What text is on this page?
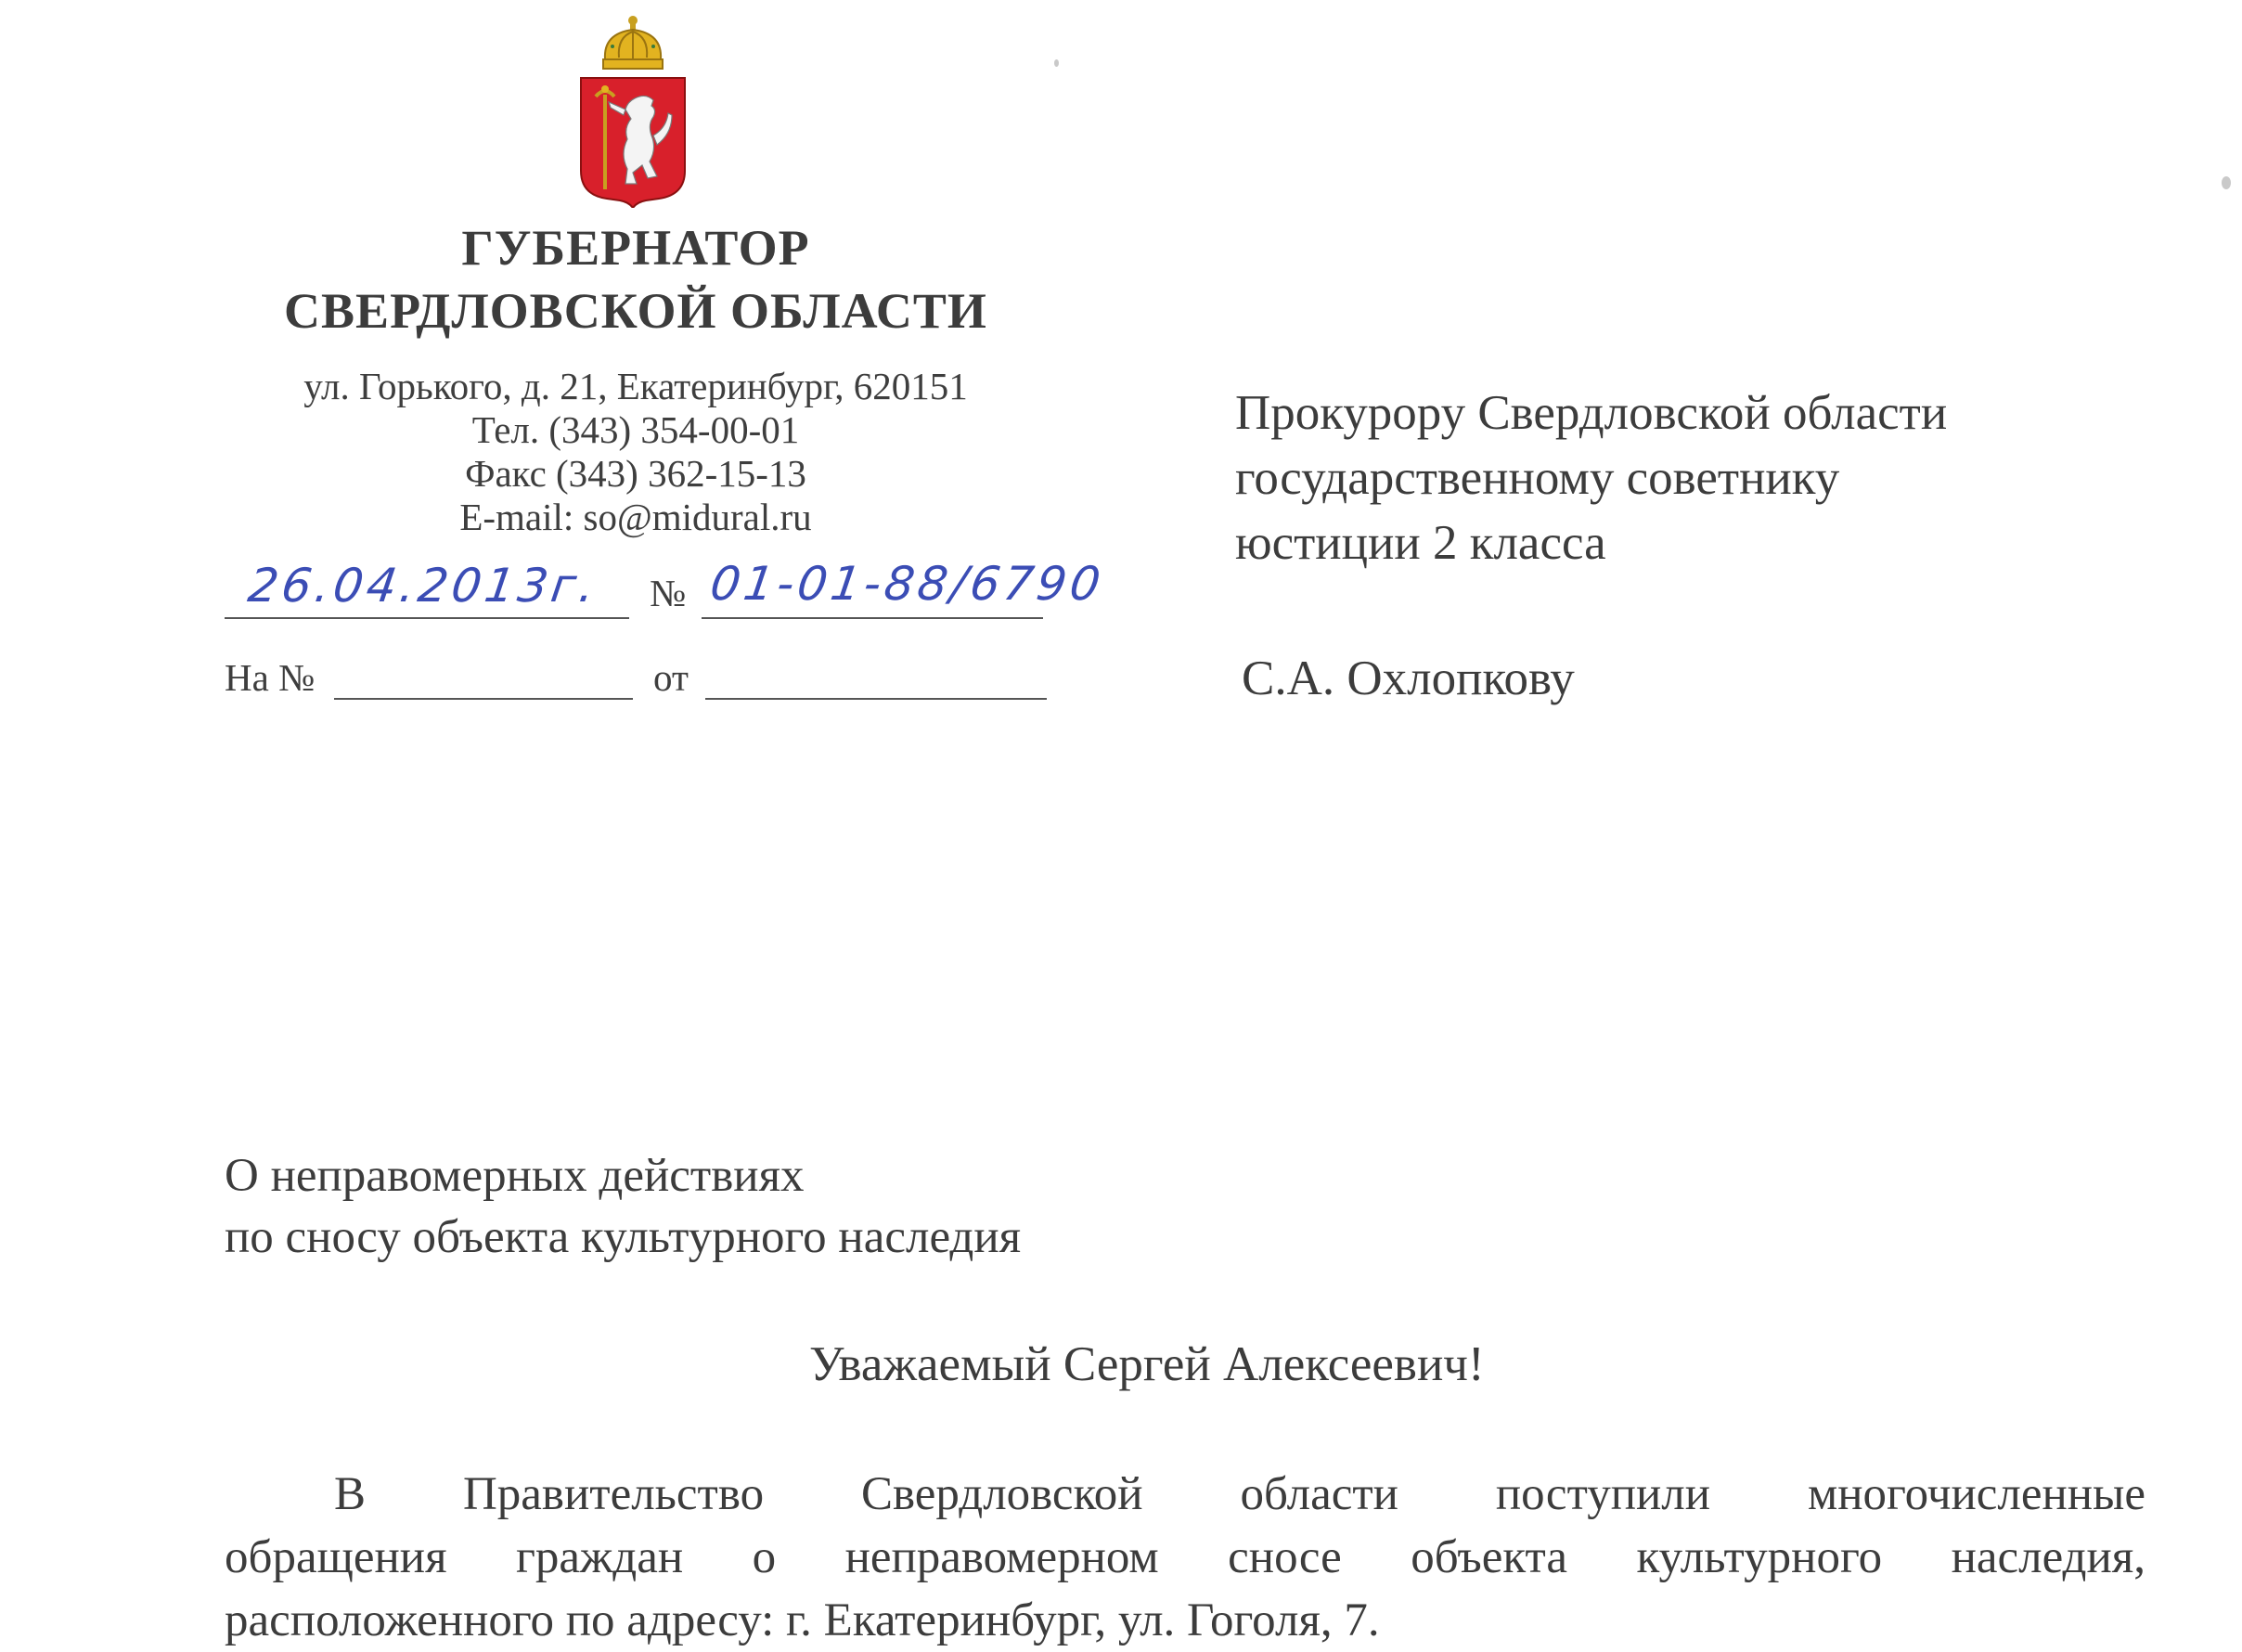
ГУБЕРНАТОР
СВЕРДЛОВСКОЙ ОБЛАСТИ
ул. Горького, д. 21, Екатеринбург, 620151
Тел. (343) 354-00-01
Факс (343) 362-15-13
E-mail: so@midural.ru
26.04.2013г. № 01-01-88/6790
На №	от
Прокурору Свердловской области
государственному советнику
юстиции 2 класса
С.А. Охлопкову
О неправомерных действиях
по сносу объекта культурного наследия
Уважаемый Сергей Алексеевич!
В Правительство Свердловской области поступили многочисленные
обращения граждан о неправомерном сносе объекта культурного наследия,
расположенного по адресу: г. Екатеринбург, ул. Гоголя, 7.
